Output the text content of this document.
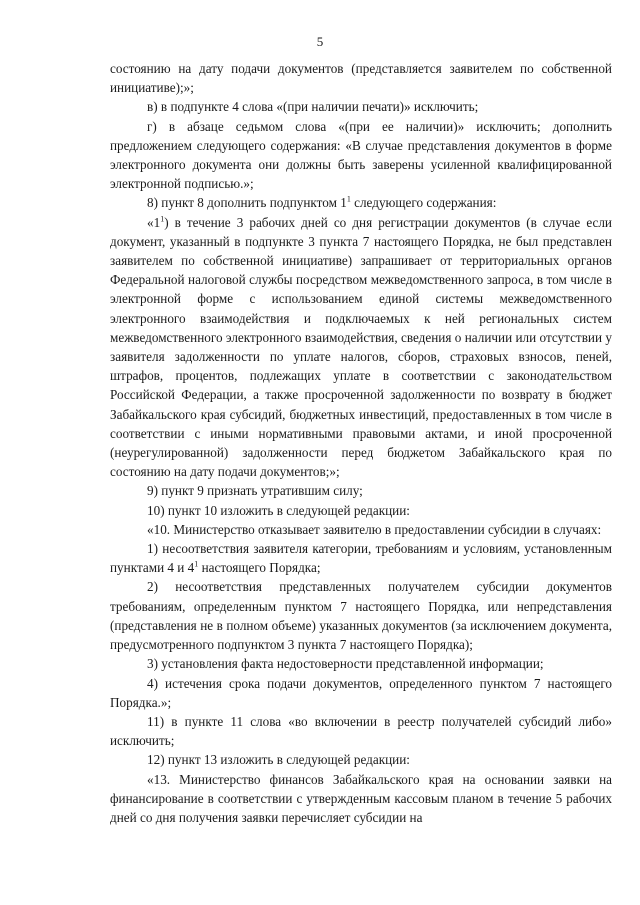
5

состоянию на дату подачи документов (представляется заявителем по собственной инициативе);»;

в) в подпункте 4 слова «(при наличии печати)» исключить;

г) в абзаце седьмом слова «(при ее наличии)» исключить; дополнить предложением следующего содержания: «В случае представления документов в форме электронного документа они должны быть заверены усиленной квалифицированной электронной подписью.»;

8) пункт 8 дополнить подпунктом $1^1$ следующего содержания:

«$1^1$) в течение 3 рабочих дней со дня регистрации документов (в случае если документ, указанный в подпункте 3 пункта 7 настоящего Порядка, не был представлен заявителем по собственной инициативе) запрашивает от территориальных органов Федеральной налоговой службы посредством межведомственного запроса, в том числе в электронной форме с использованием единой системы межведомственного электронного взаимодействия и подключаемых к ней региональных систем межведомственного электронного взаимодействия, сведения о наличии или отсутствии у заявителя задолженности по уплате налогов, сборов, страховых взносов, пеней, штрафов, процентов, подлежащих уплате в соответствии с законодательством Российской Федерации, а также просроченной задолженности по возврату в бюджет Забайкальского края субсидий, бюджетных инвестиций, предоставленных в том числе в соответствии с иными нормативными правовыми актами, и иной просроченной (неурегулированной) задолженности перед бюджетом Забайкальского края по состоянию на дату подачи документов;»;

9) пункт 9 признать утратившим силу;

10) пункт 10 изложить в следующей редакции:

«10. Министерство отказывает заявителю в предоставлении субсидии в случаях:

1) несоответствия заявителя категории, требованиям и условиям, установленным пунктами 4 и $4^1$ настоящего Порядка;

2) несоответствия представленных получателем субсидии документов требованиям, определенным пунктом 7 настоящего Порядка, или непредставления (представления не в полном объеме) указанных документов (за исключением документа, предусмотренного подпунктом 3 пункта 7 настоящего Порядка);

3) установления факта недостоверности представленной информации;

4) истечения срока подачи документов, определенного пунктом 7 настоящего Порядка.»;

11) в пункте 11 слова «во включении в реестр получателей субсидий либо» исключить;

12) пункт 13 изложить в следующей редакции:

«13. Министерство финансов Забайкальского края на основании заявки на финансирование в соответствии с утвержденным кассовым планом в течение 5 рабочих дней со дня получения заявки перечисляет субсидии на
